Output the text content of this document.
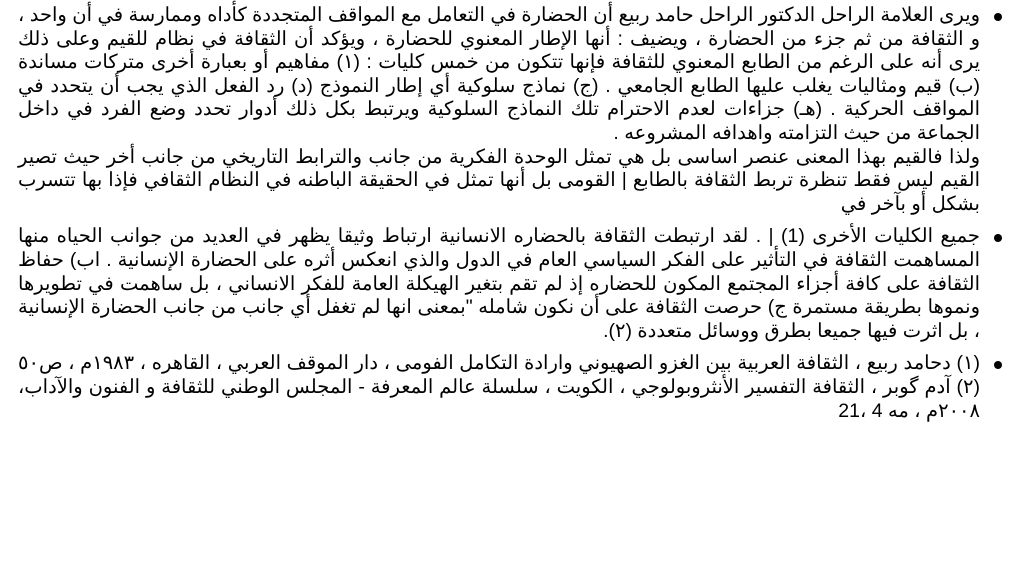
ويرى العلامة الراحل الدكتور الراحل حامد ربيع أن الحضارة في التعامل مع المواقف المتجددة كأداه وممارسة في أن واحد ، و الثقافة من ثم جزء من الحضارة ، ويضيف : أنها الإطار المعنوي للحضارة ، ويؤكد أن الثقافة في نظام للقيم وعلى ذلك يرى أنه على الرغم من الطابع المعنوي للثقافة فإنها تتكون من خمس كليات : (١) مفاهيم أو بعبارة أخرى متركات مساندة (ب) قيم ومثاليات يغلب عليها الطابع الجامعي . (ج) نماذج سلوكية أي إطار النموذج (د) رد الفعل الذي يجب أن يتحدد في المواقف الحركية . (هـ) جزاءات لعدم الاحترام تلك النماذج السلوكية ويرتبط بكل ذلك أدوار تحدد وضع الفرد في داخل الجماعة من حيث التزامته واهدافه المشروعه .
ولذا فالقيم بهذا المعنى عنصر اساسى بل هي تمثل الوحدة الفكرية من جانب والترابط التاريخي من جانب أخر حيث تصير القيم ليس فقط تنظرة تربط الثقافة بالطابع | القومى بل أنها تمثل في الحقيقة الباطنه في النظام الثقافي فإذا بها تتسرب بشكل أو بآخر في
جميع الكليات الأخرى (1) | . لقد ارتبطت الثقافة بالحضاره الانسانية ارتباط وثيقا يظهر في العديد من جوانب الحياه منها المساهمت الثقافة في التأثير على الفكر السياسي العام في الدول والذي انعكس أثره على الحضارة الإنسانية . اب) حفاظ الثقافة على كافة أجزاء المجتمع المكون للحضاره إذ لم تقم بتغير الهيكلة العامة للفكر الانساني ، بل ساهمت في تطويرها ونموها بطريقة مستمرة ج) حرصت الثقافة على أن نكون شامله "بمعنى انها لم تغفل أي جانب من جانب الحضارة الإنسانية ، بل اثرت فيها جميعا بطرق ووسائل متعددة (٢).
(١) دحامد ربيع ، الثقافة العربية بين الغزو الصهيوني وارادة التكامل الفومى ، دار الموقف العربي ، القاهره ، ١٩٨٣م ، ص٥٠ (٢) آدم گوبر ، الثقافة التفسير الأنثروبولوجي ، الكويت ، سلسلة عالم المعرفة - المجلس الوطني للثقافة و الفنون والآداب، ٢٠٠٨م ، مه 4 ،21
